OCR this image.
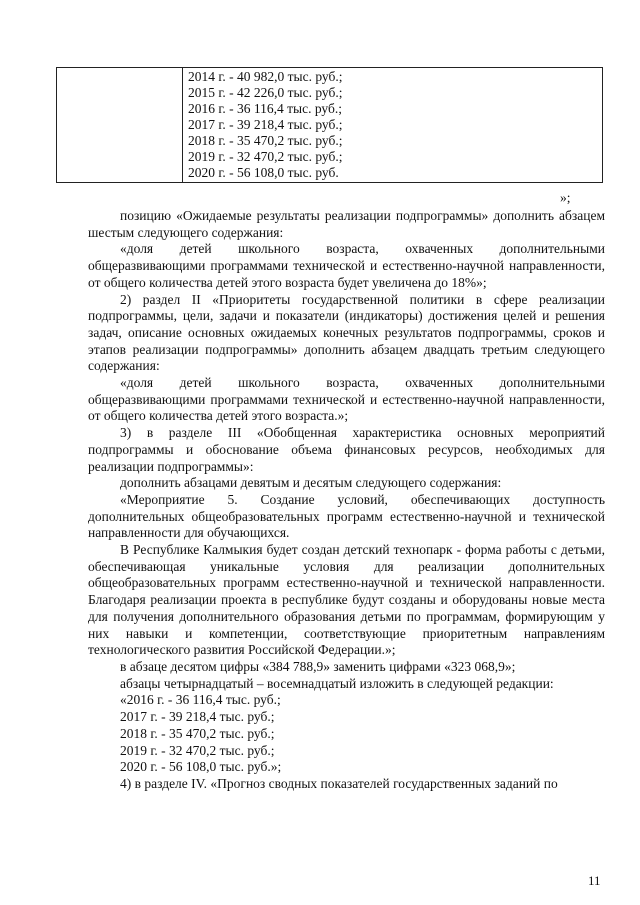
2014 г. - 40 982,0 тыс. руб.;
2015 г. - 42 226,0 тыс. руб.;
2016 г. - 36 116,4 тыс. руб.;
2017 г. - 39 218,4 тыс. руб.;
2018 г. - 35 470,2 тыс. руб.;
2019 г. - 32 470,2 тыс. руб.;
2020 г. - 56 108,0 тыс. руб.
»;

позицию «Ожидаемые результаты реализации подпрограммы» дополнить абзацем шестым следующего содержания:

«доля детей школьного возраста, охваченных дополнительными общеразвивающими программами технической и естественно-научной направленности, от общего количества детей этого возраста будет увеличена до 18%»;

2) раздел II «Приоритеты государственной политики в сфере реализации подпрограммы, цели, задачи и показатели (индикаторы) достижения целей и решения задач, описание основных ожидаемых конечных результатов подпрограммы, сроков и этапов реализации подпрограммы» дополнить абзацем двадцать третьим следующего содержания:

«доля детей школьного возраста, охваченных дополнительными общеразвивающими программами технической и естественно-научной направленности, от общего количества детей этого возраста.»;

3) в разделе III «Обобщенная характеристика основных мероприятий подпрограммы и обоснование объема финансовых ресурсов, необходимых для реализации подпрограммы»:

дополнить абзацами девятым и десятым следующего содержания:

«Мероприятие 5. Создание условий, обеспечивающих доступность дополнительных общеобразовательных программ естественно-научной и технической направленности для обучающихся.

В Республике Калмыкия будет создан детский технопарк - форма работы с детьми, обеспечивающая уникальные условия для реализации дополнительных общеобразовательных программ естественно-научной и технической направленности. Благодаря реализации проекта в республике будут созданы и оборудованы новые места для получения дополнительного образования детьми по программам, формирующим у них навыки и компетенции, соответствующие приоритетным направлениям технологического развития Российской Федерации.»;

в абзаце десятом цифры «384 788,9» заменить цифрами «323 068,9»;

абзацы четырнадцатый – восемнадцатый изложить в следующей редакции:

«2016 г. - 36 116,4 тыс. руб.;

2017 г. - 39 218,4 тыс. руб.;

2018 г. - 35 470,2 тыс. руб.;

2019 г. - 32 470,2 тыс. руб.;

2020 г. - 56 108,0 тыс. руб.»;

4) в разделе IV. «Прогноз сводных показателей государственных заданий по

11
